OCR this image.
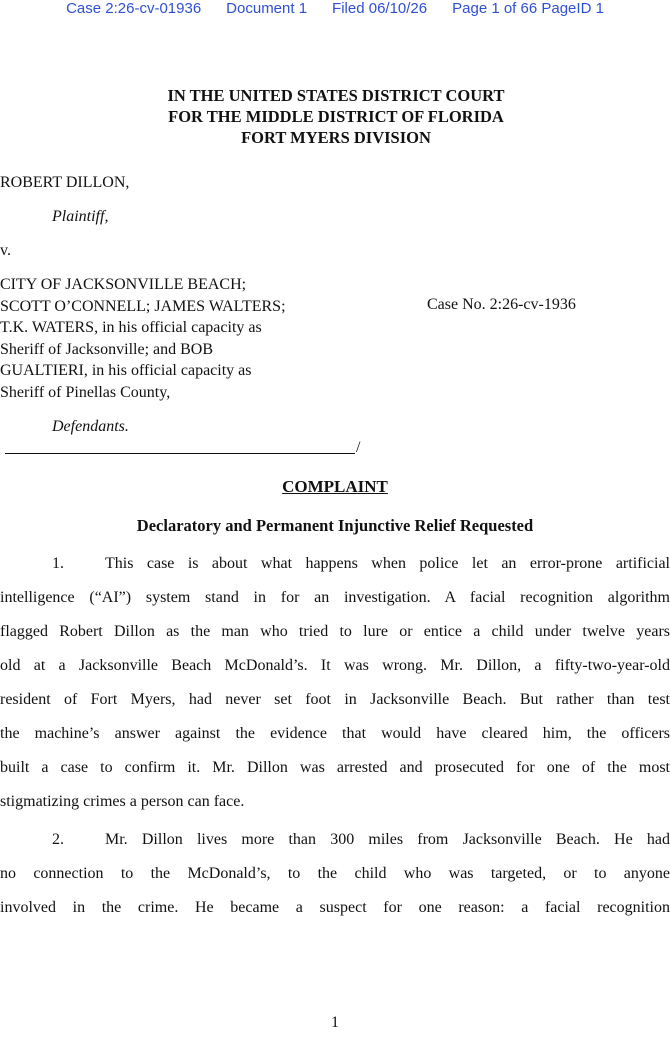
Case 2:26-cv-01936 Document 1 Filed 06/10/26 Page 1 of 66 PageID 1
IN THE UNITED STATES DISTRICT COURT
FOR THE MIDDLE DISTRICT OF FLORIDA
FORT MYERS DIVISION
ROBERT DILLON,
Plaintiff,
v.
CITY OF JACKSONVILLE BEACH;
SCOTT O’CONNELL; JAMES WALTERS;
T.K. WATERS, in his official capacity as
Sheriff of Jacksonville; and BOB
GUALTIERI, in his official capacity as
Sheriff of Pinellas County,
Case No. 2:26-cv-1936
Defendants.
/
COMPLAINT
Declaratory and Permanent Injunctive Relief Requested
1.	This case is about what happens when police let an error-prone artificial
intelligence (“AI”) system stand in for an investigation. A facial recognition algorithm
flagged Robert Dillon as the man who tried to lure or entice a child under twelve years
old at a Jacksonville Beach McDonald’s. It was wrong. Mr. Dillon, a fifty-two-year-old
resident of Fort Myers, had never set foot in Jacksonville Beach. But rather than test
the machine’s answer against the evidence that would have cleared him, the officers
built a case to confirm it. Mr. Dillon was arrested and prosecuted for one of the most
stigmatizing crimes a person can face.
2.	Mr. Dillon lives more than 300 miles from Jacksonville Beach. He had
no connection to the McDonald’s, to the child who was targeted, or to anyone
involved in the crime. He became a suspect for one reason: a facial recognition
1
